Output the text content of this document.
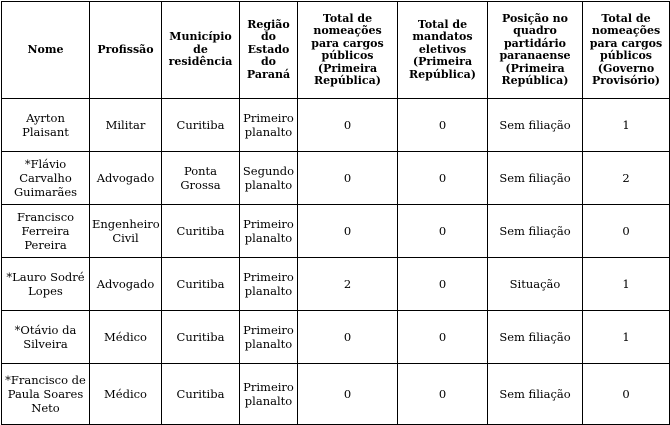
Nome	Profissão	Município de residência	Região do Estado do Paraná	Total de nomeações para cargos públicos (Primeira República)	Total de mandatos eletivos (Primeira República)	Posição no quadro partidário paranaense (Primeira República)	Total de nomeações para cargos públicos (Governo Provisório)
Ayrton Plaisant	Militar	Curitiba	Primeiro planalto	0	0	Sem filiação	1
*Flávio Carvalho Guimarães	Advogado	Ponta Grossa	Segundo planalto	0	0	Sem filiação	2
Francisco Ferreira Pereira	Engenheiro Civil	Curitiba	Primeiro planalto	0	0	Sem filiação	0
*Lauro Sodré Lopes	Advogado	Curitiba	Primeiro planalto	2	0	Situação	1
*Otávio da Silveira	Médico	Curitiba	Primeiro planalto	0	0	Sem filiação	1
*Francisco de Paula Soares Neto	Médico	Curitiba	Primeiro planalto	0	0	Sem filiação	0
